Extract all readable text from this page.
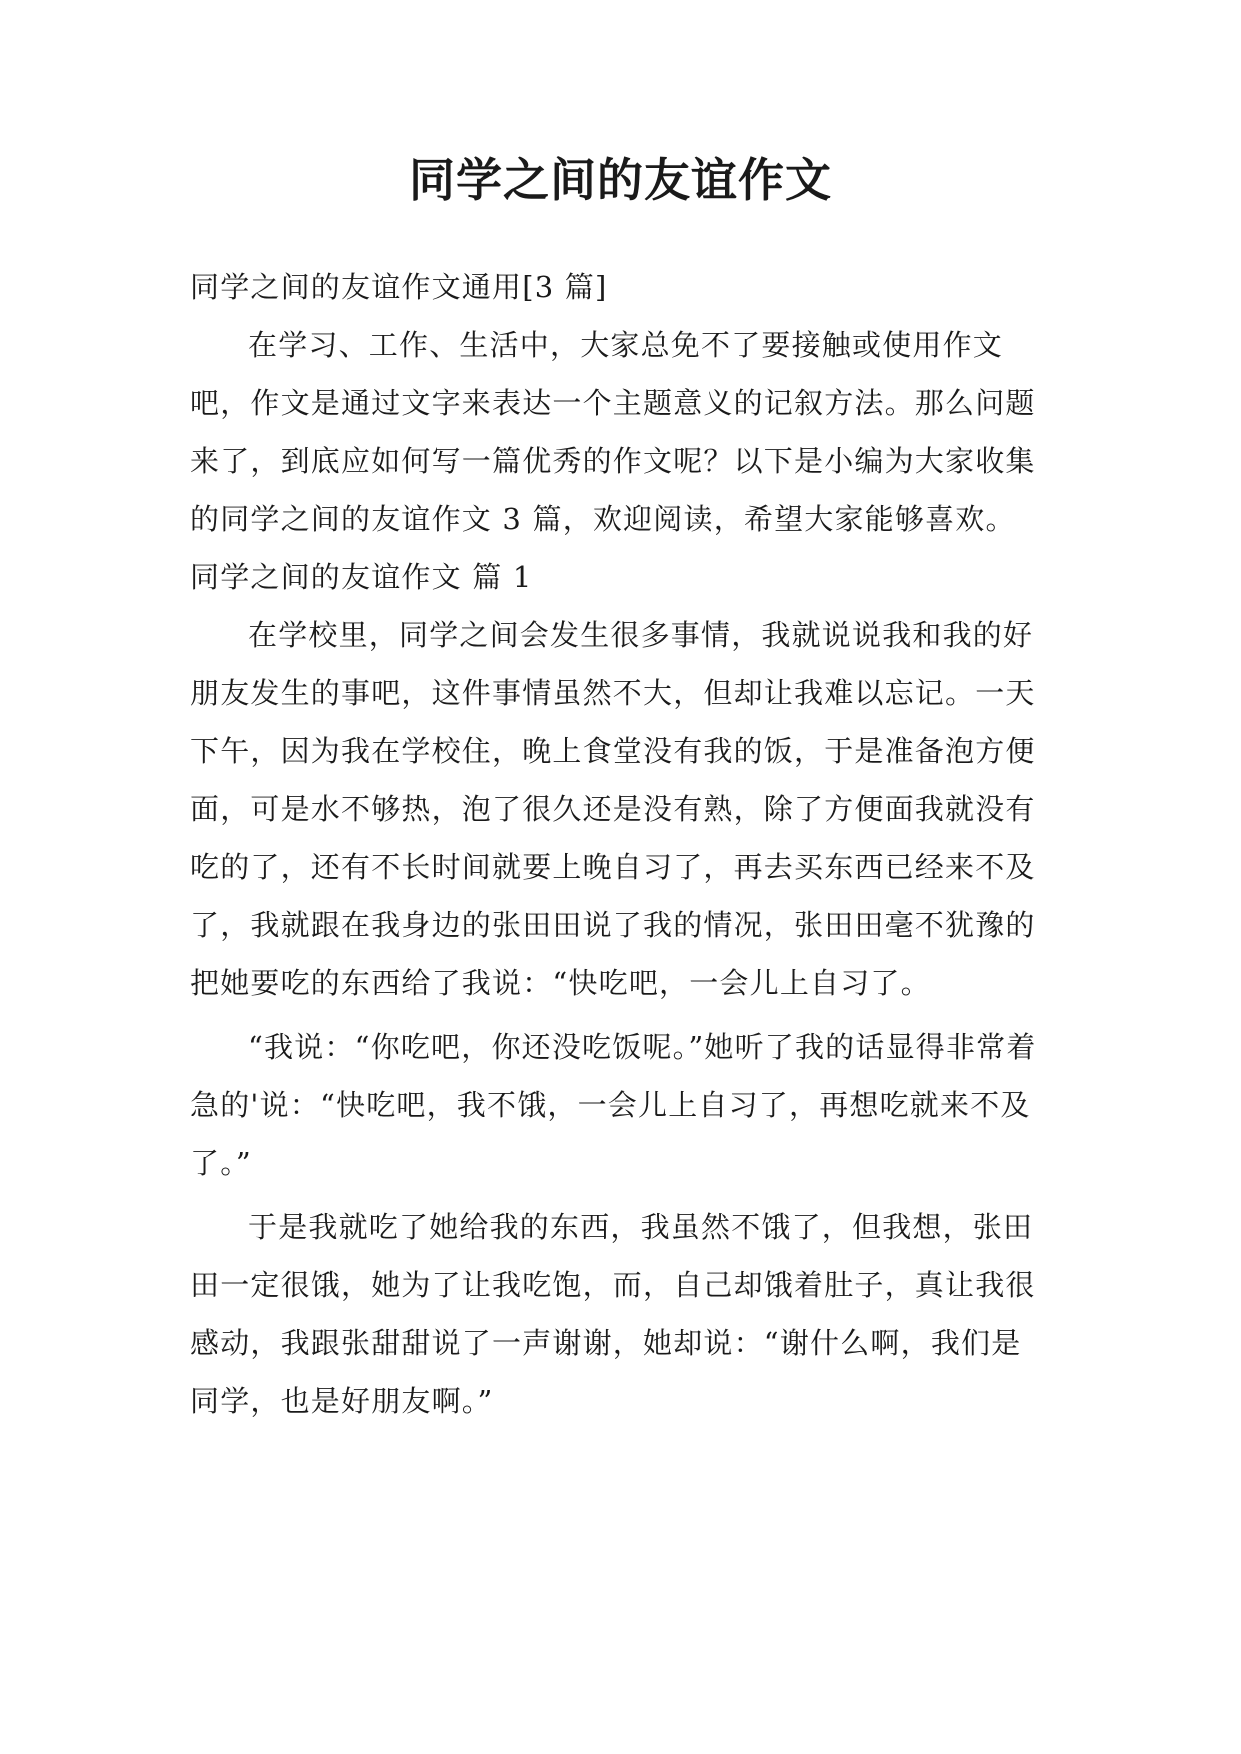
同学之间的友谊作文

同学之间的友谊作文通用[3 篇]

在学习、工作、生活中，大家总免不了要接触或使用作文吧，作文是通过文字来表达一个主题意义的记叙方法。那么问题来了，到底应如何写一篇优秀的作文呢？以下是小编为大家收集的同学之间的友谊作文 3 篇，欢迎阅读，希望大家能够喜欢。

同学之间的友谊作文 篇 1

在学校里，同学之间会发生很多事情，我就说说我和我的好朋友发生的事吧，这件事情虽然不大，但却让我难以忘记。一天下午，因为我在学校住，晚上食堂没有我的饭，于是准备泡方便面，可是水不够热，泡了很久还是没有熟，除了方便面我就没有吃的了，还有不长时间就要上晚自习了，再去买东西已经来不及了，我就跟在我身边的张田田说了我的情况，张田田毫不犹豫的把她要吃的东西给了我说：“快吃吧，一会儿上自习了。

“我说：“你吃吧，你还没吃饭呢。”她听了我的话显得非常着急的'说：“快吃吧，我不饿，一会儿上自习了，再想吃就来不及了。”

于是我就吃了她给我的东西，我虽然不饿了，但我想，张田田一定很饿，她为了让我吃饱，而，自己却饿着肚子，真让我很感动，我跟张甜甜说了一声谢谢，她却说：“谢什么啊，我们是同学，也是好朋友啊。”
